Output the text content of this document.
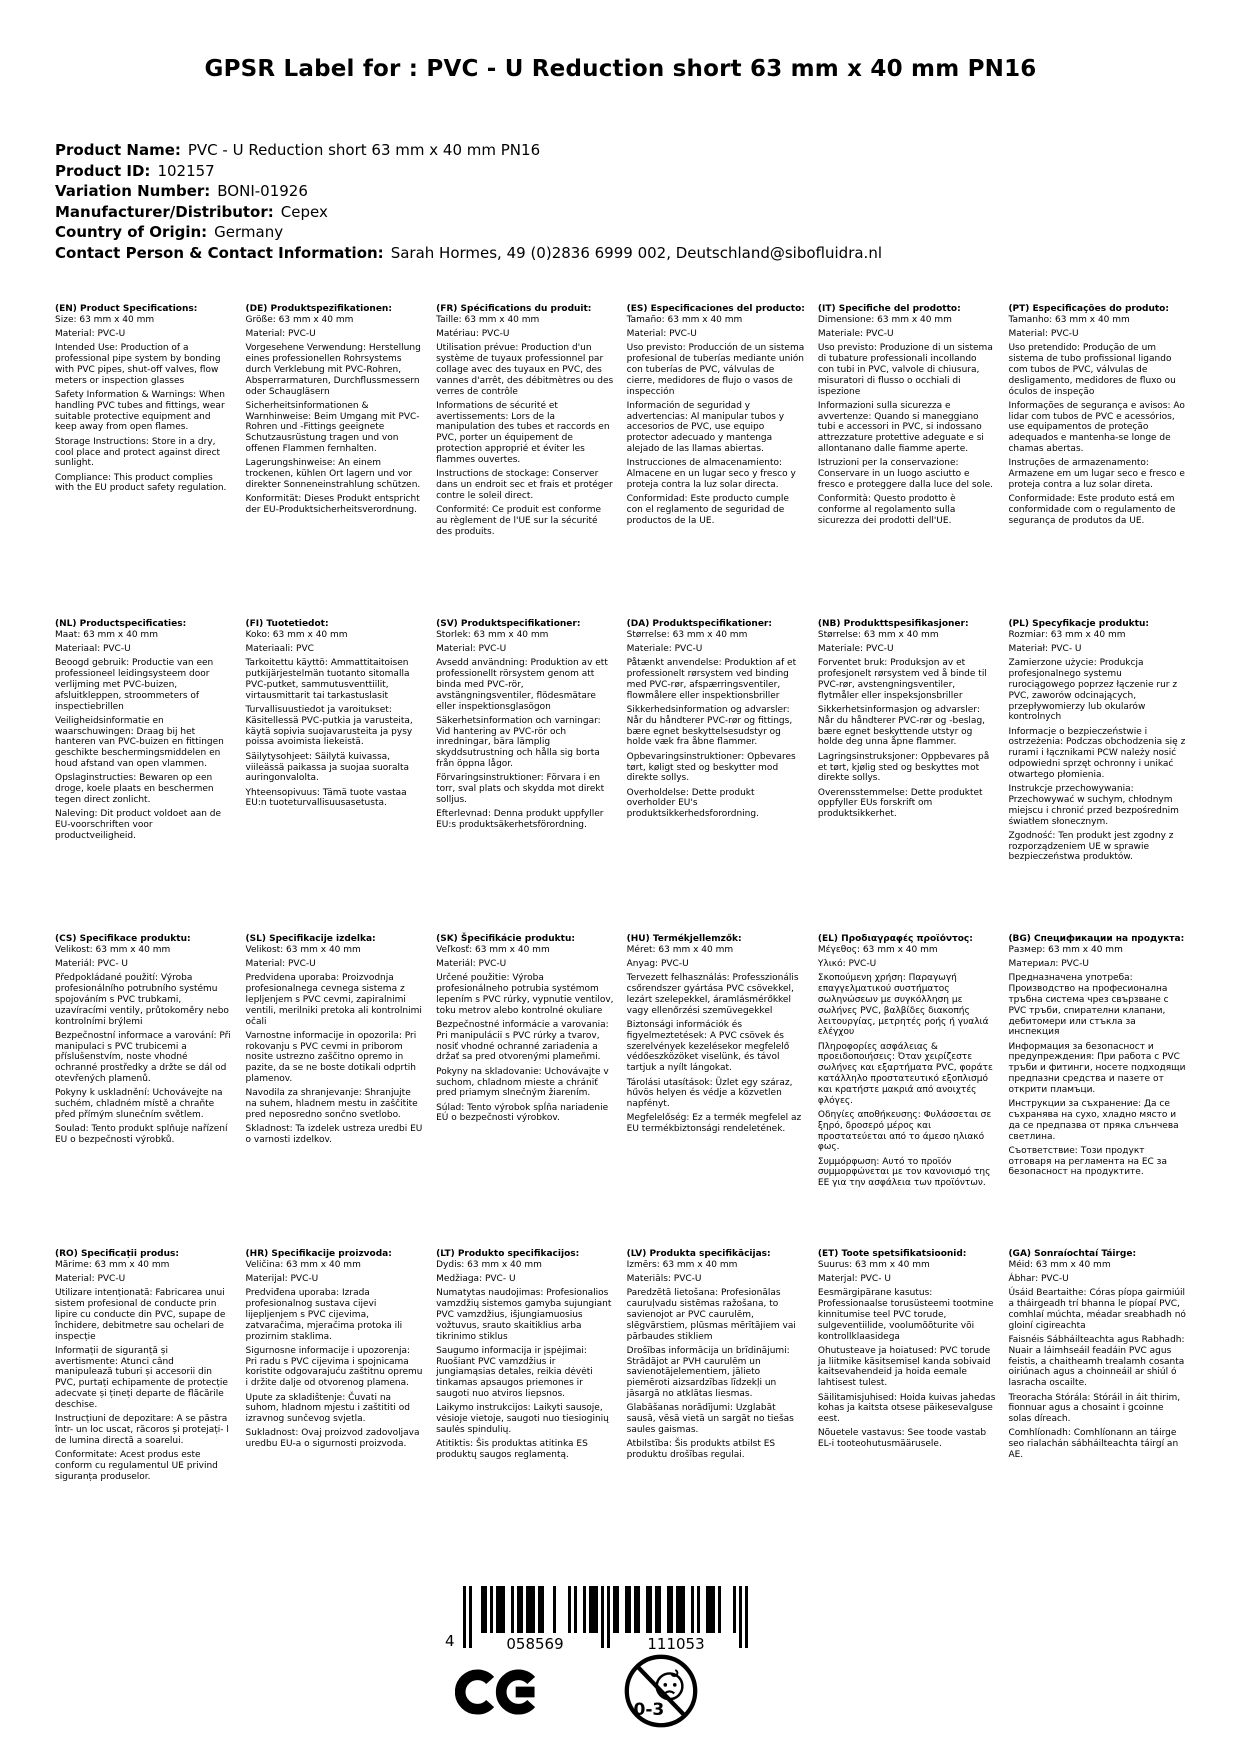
GPSR Label for : PVC - U Reduction short 63 mm x 40 mm PN16
Product Name: PVC - U Reduction short 63 mm x 40 mm PN16
Product ID: 102157
Variation Number: BONI-01926
Manufacturer/Distributor: Cepex
Country of Origin: Germany
Contact Person & Contact Information: Sarah Hormes, 49 (0)2836 6999 002, Deutschland@sibofluidra.nl
(EN) Product Specifications:

Size: 63 mm x 40 mm

Material: PVC-U

Intended Use: Production of a professional pipe system by bonding with PVC pipes, shut-off valves, flow meters or inspection glasses

Safety Information & Warnings: When handling PVC tubes and fittings, wear suitable protective equipment and keep away from open flames.

Storage Instructions: Store in a dry, cool place and protect against direct sunlight.

Compliance: This product complies with the EU product safety regulation.

(DE) Produktspezifikationen:

Größe: 63 mm x 40 mm

Material: PVC-U

Vorgesehene Verwendung: Herstellung eines professionellen Rohrsystems durch Verklebung mit PVC-Rohren, Absperrarmaturen, Durchflussmessern oder Schaugläsern

Sicherheitsinformationen & Warnhinweise: Beim Umgang mit PVC-Rohren und -Fittings geeignete Schutzausrüstung tragen und von offenen Flammen fernhalten.

Lagerungshinweise: An einem trockenen, kühlen Ort lagern und vor direkter Sonneneinstrahlung schützen.

Konformität: Dieses Produkt entspricht der EU-Produktsicherheitsverordnung.

(FR) Spécifications du produit:

Taille: 63 mm x 40 mm

Matériau: PVC-U

Utilisation prévue: Production d'un système de tuyaux professionnel par collage avec des tuyaux en PVC, des vannes d'arrêt, des débitmètres ou des verres de contrôle

Informations de sécurité et avertissements: Lors de la manipulation des tubes et raccords en PVC, porter un équipement de protection approprié et éviter les flammes ouvertes.

Instructions de stockage: Conserver dans un endroit sec et frais et protéger contre le soleil direct.

Conformité: Ce produit est conforme au règlement de l'UE sur la sécurité des produits.

(ES) Especificaciones del producto:

Tamaño: 63 mm x 40 mm

Material: PVC-U

Uso previsto: Producción de un sistema profesional de tuberías mediante unión con tuberías de PVC, válvulas de cierre, medidores de flujo o vasos de inspección

Información de seguridad y advertencias: Al manipular tubos y accesorios de PVC, use equipo protector adecuado y mantenga alejado de las llamas abiertas.

Instrucciones de almacenamiento: Almacene en un lugar seco y fresco y proteja contra la luz solar directa.

Conformidad: Este producto cumple con el reglamento de seguridad de productos de la UE.

(IT) Specifiche del prodotto:

Dimensione: 63 mm x 40 mm

Materiale: PVC-U

Uso previsto: Produzione di un sistema di tubature professionali incollando con tubi in PVC, valvole di chiusura, misuratori di flusso o occhiali di ispezione

Informazioni sulla sicurezza e avvertenze: Quando si maneggiano tubi e accessori in PVC, si indossano attrezzature protettive adeguate e si allontanano dalle fiamme aperte.

Istruzioni per la conservazione: Conservare in un luogo asciutto e fresco e proteggere dalla luce del sole.

Conformità: Questo prodotto è conforme al regolamento sulla sicurezza dei prodotti dell'UE.

(PT) Especificações do produto:

Tamanho: 63 mm x 40 mm

Material: PVC-U

Uso pretendido: Produção de um sistema de tubo profissional ligando com tubos de PVC, válvulas de desligamento, medidores de fluxo ou óculos de inspeção

Informações de segurança e avisos: Ao lidar com tubos de PVC e acessórios, use equipamentos de proteção adequados e mantenha-se longe de chamas abertas.

Instruções de armazenamento: Armazene em um lugar seco e fresco e proteja contra a luz solar direta.

Conformidade: Este produto está em conformidade com o regulamento de segurança de produtos da UE.

(NL) Productspecificaties:

Maat: 63 mm x 40 mm

Materiaal: PVC-U

Beoogd gebruik: Productie van een professioneel leidingsysteem door verlijming met PVC-buizen, afsluitkleppen, stroommeters of inspectiebrillen

Veiligheidsinformatie en waarschuwingen: Draag bij het hanteren van PVC-buizen en fittingen geschikte beschermingsmiddelen en houd afstand van open vlammen.

Opslaginstructies: Bewaren op een droge, koele plaats en beschermen tegen direct zonlicht.

Naleving: Dit product voldoet aan de EU-voorschriften voor productveiligheid.

(FI) Tuotetiedot:

Koko: 63 mm x 40 mm

Materiaali: PVC

Tarkoitettu käyttö: Ammattitaitoisen putkijärjestelmän tuotanto sitomalla PVC-putket, sammutusventtiilit, virtausmittarit tai tarkastuslasit

Turvallisuustiedot ja varoitukset: Käsitellessä PVC-putkia ja varusteita, käytä sopivia suojavarusteita ja pysy poissa avoimista liekeistä.

Säilytysohjeet: Säilytä kuivassa, viileässä paikassa ja suojaa suoralta auringonvalolta.

Yhteensopivuus: Tämä tuote vastaa EU:n tuoteturvallisuusasetusta.

(SV) Produktspecifikationer:

Storlek: 63 mm x 40 mm

Material: PVC-U

Avsedd användning: Produktion av ett professionellt rörsystem genom att binda med PVC-rör, avstängningsventiler, flödesmätare eller inspektionsglasögon

Säkerhetsinformation och varningar: Vid hantering av PVC-rör och inredningar, bära lämplig skyddsutrustning och hålla sig borta från öppna lågor.

Förvaringsinstruktioner: Förvara i en torr, sval plats och skydda mot direkt solljus.

Efterlevnad: Denna produkt uppfyller EU:s produktsäkerhetsförordning.

(DA) Produktspecifikationer:

Størrelse: 63 mm x 40 mm

Materiale: PVC-U

Påtænkt anvendelse: Produktion af et professionelt rørsystem ved binding med PVC-rør, afspærringsventiler, flowmålere eller inspektionsbriller

Sikkerhedsinformation og advarsler: Når du håndterer PVC-rør og fittings, bære egnet beskyttelsesudstyr og holde væk fra åbne flammer.

Opbevaringsinstruktioner: Opbevares tørt, køligt sted og beskytter mod direkte sollys.

Overholdelse: Dette produkt overholder EU's produktsikkerhedsforordning.

(NB) Produkttspesifikasjoner:

Størrelse: 63 mm x 40 mm

Materiale: PVC-U

Forventet bruk: Produksjon av et profesjonelt rørsystem ved å binde til PVC-rør, avstengningsventiler, flytmåler eller inspeksjonsbriller

Sikkerhetsinformasjon og advarsler: Når du håndterer PVC-rør og -beslag, bære egnet beskyttende utstyr og holde deg unna åpne flammer.

Lagringsinstruksjoner: Oppbevares på et tørt, kjølig sted og beskyttes mot direkte sollys.

Overensstemmelse: Dette produktet oppfyller EUs forskrift om produktsikkerhet.

(PL) Specyfikacje produktu:

Rozmiar: 63 mm x 40 mm

Materiał: PVC- U

Zamierzone użycie: Produkcja profesjonalnego systemu rurociągowego poprzez łączenie rur z PVC, zaworów odcinających, przepływomierzy lub okularów kontrolnych

Informacje o bezpieczeństwie i ostrzeżenia: Podczas obchodzenia się z rurami i łącznikami PCW należy nosić odpowiedni sprzęt ochronny i unikać otwartego płomienia.

Instrukcje przechowywania: Przechowywać w suchym, chłodnym miejscu i chronić przed bezpośrednim światłem słonecznym.

Zgodność: Ten produkt jest zgodny z rozporządzeniem UE w sprawie bezpieczeństwa produktów.

(CS) Specifikace produktu:

Velikost: 63 mm x 40 mm

Materiál: PVC- U

Předpokládané použití: Výroba profesionálního potrubního systému spojováním s PVC trubkami, uzavíracími ventily, průtokoměry nebo kontrolními brýlemi

Bezpečnostní informace a varování: Při manipulaci s PVC trubicemi a příslušenstvím, noste vhodné ochranné prostředky a držte se dál od otevřených plamenů.

Pokyny k uskladnění: Uchovávejte na suchém, chladném místě a chraňte před přímým slunečním světlem.

Soulad: Tento produkt splňuje nařízení EU o bezpečnosti výrobků.

(SL) Specifikacije izdelka:

Velikost: 63 mm x 40 mm

Material: PVC-U

Predvidena uporaba: Proizvodnja profesionalnega cevnega sistema z lepljenjem s PVC cevmi, zapiralnimi ventili, merilniki pretoka ali kontrolnimi očali

Varnostne informacije in opozorila: Pri rokovanju s PVC cevmi in priborom nosite ustrezno zaščitno opremo in pazite, da se ne boste dotikali odprtih plamenov.

Navodila za shranjevanje: Shranjujte na suhem, hladnem mestu in zaščitite pred neposredno sončno svetlobo.

Skladnost: Ta izdelek ustreza uredbi EU o varnosti izdelkov.

(SK) Špecifikácie produktu:

Veľkosť: 63 mm x 40 mm

Materiál: PVC-U

Určené použitie: Výroba profesionálneho potrubia systémom lepením s PVC rúrky, vypnutie ventilov, toku metrov alebo kontrolné okuliare

Bezpečnostné informácie a varovania: Pri manipulácii s PVC rúrky a tvarov, nosiť vhodné ochranné zariadenia a držať sa pred otvorenými plameňmi.

Pokyny na skladovanie: Uchovávajte v suchom, chladnom mieste a chrániť pred priamym slnečným žiarením.

Súlad: Tento výrobok spĺňa nariadenie EÚ o bezpečnosti výrobkov.

(HU) Termékjellemzők:

Méret: 63 mm x 40 mm

Anyag: PVC-U

Tervezett felhasználás: Professzionális csőrendszer gyártása PVC csövekkel, lezárt szelepekkel, áramlásmérőkkel vagy ellenőrzési szemüvegekkel

Biztonsági információk és figyelmeztetések: A PVC csövek és szerelvények kezelésekor megfelelő védőeszközöket viselünk, és távol tartjuk a nyílt lángokat.

Tárolási utasítások: Üzlet egy száraz, hűvös helyen és védje a közvetlen napfényt.

Megfelelőség: Ez a termék megfelel az EU termékbiztonsági rendeletének.

(EL) Προδιαγραφές προϊόντος:

Μέγεθος: 63 mm x 40 mm

Υλικό: PVC-U

Σκοπούμενη χρήση: Παραγωγή επαγγελματικού συστήματος σωληνώσεων με συγκόλληση με σωλήνες PVC, βαλβίδες διακοπής λειτουργίας, μετρητές ροής ή γυαλιά ελέγχου

Πληροφορίες ασφάλειας & προειδοποιήσεις: Όταν χειρίζεστε σωλήνες και εξαρτήματα PVC, φοράτε κατάλληλο προστατευτικό εξοπλισμό και κρατήστε μακριά από ανοιχτές φλόγες.

Οδηγίες αποθήκευσης: Φυλάσσεται σε ξηρό, δροσερό μέρος και προστατεύεται από το άμεσο ηλιακό φως.

Συμμόρφωση: Αυτό το προϊόν συμμορφώνεται με τον κανονισμό της ΕΕ για την ασφάλεια των προϊόντων.

(BG) Спецификации на продукта:

Размер: 63 mm x 40 mm

Материал: PVC-U

Предназначена употреба: Производство на професионална тръбна система чрез свързване с PVC тръби, спирателни клапани, дебитомери или стъкла за инспекция

Информация за безопасност и предупреждения: При работа с PVC тръби и фитинги, носете подходящи предпазни средства и пазете от открити пламъци.

Инструкции за съхранение: Да се съхранява на сухо, хладно място и да се предпазва от пряка слънчева светлина.

Съответствие: Този продукт отговаря на регламента на ЕС за безопасност на продуктите.

(RO) Specificații produs:

Mărime: 63 mm x 40 mm

Material: PVC-U

Utilizare intenționată: Fabricarea unui sistem profesional de conducte prin lipire cu conducte din PVC, supape de închidere, debitmetre sau ochelari de inspecție

Informații de siguranță și avertismente: Atunci când manipulează tuburi și accesorii din PVC, purtați echipamente de protecție adecvate și țineți departe de flăcările deschise.

Instrucțiuni de depozitare: A se păstra într- un loc uscat, răcoros și protejați- l de lumina directă a soarelui.

Conformitate: Acest produs este conform cu regulamentul UE privind siguranța produselor.

(HR) Specifikacije proizvoda:

Veličina: 63 mm x 40 mm

Materijal: PVC-U

Predviđena uporaba: Izrada profesionalnog sustava cijevi lijepljenjem s PVC cijevima, zatvaračima, mjeračima protoka ili prozirnim staklima.

Sigurnosne informacije i upozorenja: Pri radu s PVC cijevima i spojnicama koristite odgovarajuću zaštitnu opremu i držite dalje od otvorenog plamena.

Upute za skladištenje: Čuvati na suhom, hladnom mjestu i zaštititi od izravnog sunčevog svjetla.

Sukladnost: Ovaj proizvod zadovoljava uredbu EU-a o sigurnosti proizvoda.

(LT) Produkto specifikacijos:

Dydis: 63 mm x 40 mm

Medžiaga: PVC- U

Numatytas naudojimas: Profesionalios vamzdžių sistemos gamyba sujungiant PVC vamzdžius, išjungiamuosius vožtuvus, srauto skaitiklius arba tikrinimo stiklus

Saugumo informacija ir įspėjimai: Ruošiant PVC vamzdžius ir jungiamąsias detales, reikia dėvėti tinkamas apsaugos priemones ir saugoti nuo atviros liepsnos.

Laikymo instrukcijos: Laikyti sausoje, vėsioje vietoje, saugoti nuo tiesioginių saulės spindulių.

Atitiktis: Šis produktas atitinka ES produktų saugos reglamentą.

(LV) Produkta specifikācijas:

Izmērs: 63 mm x 40 mm

Materiāls: PVC-U

Paredzētā lietošana: Profesionālas cauruļvadu sistēmas ražošana, to savienojot ar PVC caurulēm, slēgvārstiem, plūsmas mērītājiem vai pārbaudes stikliem

Drošības informācija un brīdinājumi: Strādājot ar PVH caurulēm un savienotājelementiem, jālieto piemēroti aizsardzības līdzekļi un jāsargā no atklātas liesmas.

Glabāšanas norādījumi: Uzglabāt sausā, vēsā vietā un sargāt no tiešas saules gaismas.

Atbilstība: Šis produkts atbilst ES produktu drošības regulai.

(ET) Toote spetsifikatsioonid:

Suurus: 63 mm x 40 mm

Materjal: PVC- U

Eesmärgipärane kasutus: Professionaalse torusüsteemi tootmine kinnitumise teel PVC torude, sulgeventiilide, voolumõõturite või kontrollklaasidega

Ohutusteave ja hoiatused: PVC torude ja liitmike käsitsemisel kanda sobivaid kaitsevahendeid ja hoida eemale lahtisest tulest.

Säilitamisjuhised: Hoida kuivas jahedas kohas ja kaitsta otsese päikesevalguse eest.

Nõuetele vastavus: See toode vastab EL-i tooteohutusmäärusele.

(GA) Sonraíochtaí Táirge:

Méid: 63 mm x 40 mm

Ábhar: PVC-U

Úsáid Beartaithe: Córas píopa gairmiúil a tháirgeadh trí bhanna le píopaí PVC, comhlaí múchta, méadar sreabhadh nó gloiní cigireachta

Faisnéis Sábháilteachta agus Rabhadh: Nuair a láimhseáil feadáin PVC agus feistis, a chaitheamh trealamh cosanta oiriúnach agus a choinneáil ar shiúl ó lasracha oscailte.

Treoracha Stórála: Stóráil in áit thirim, fionnuar agus a chosaint i gcoinne solas díreach.

Comhlíonadh: Comhlíonann an táirge seo rialachán sábháilteachta táirgí an AE.

4	058569	111053
0-3
